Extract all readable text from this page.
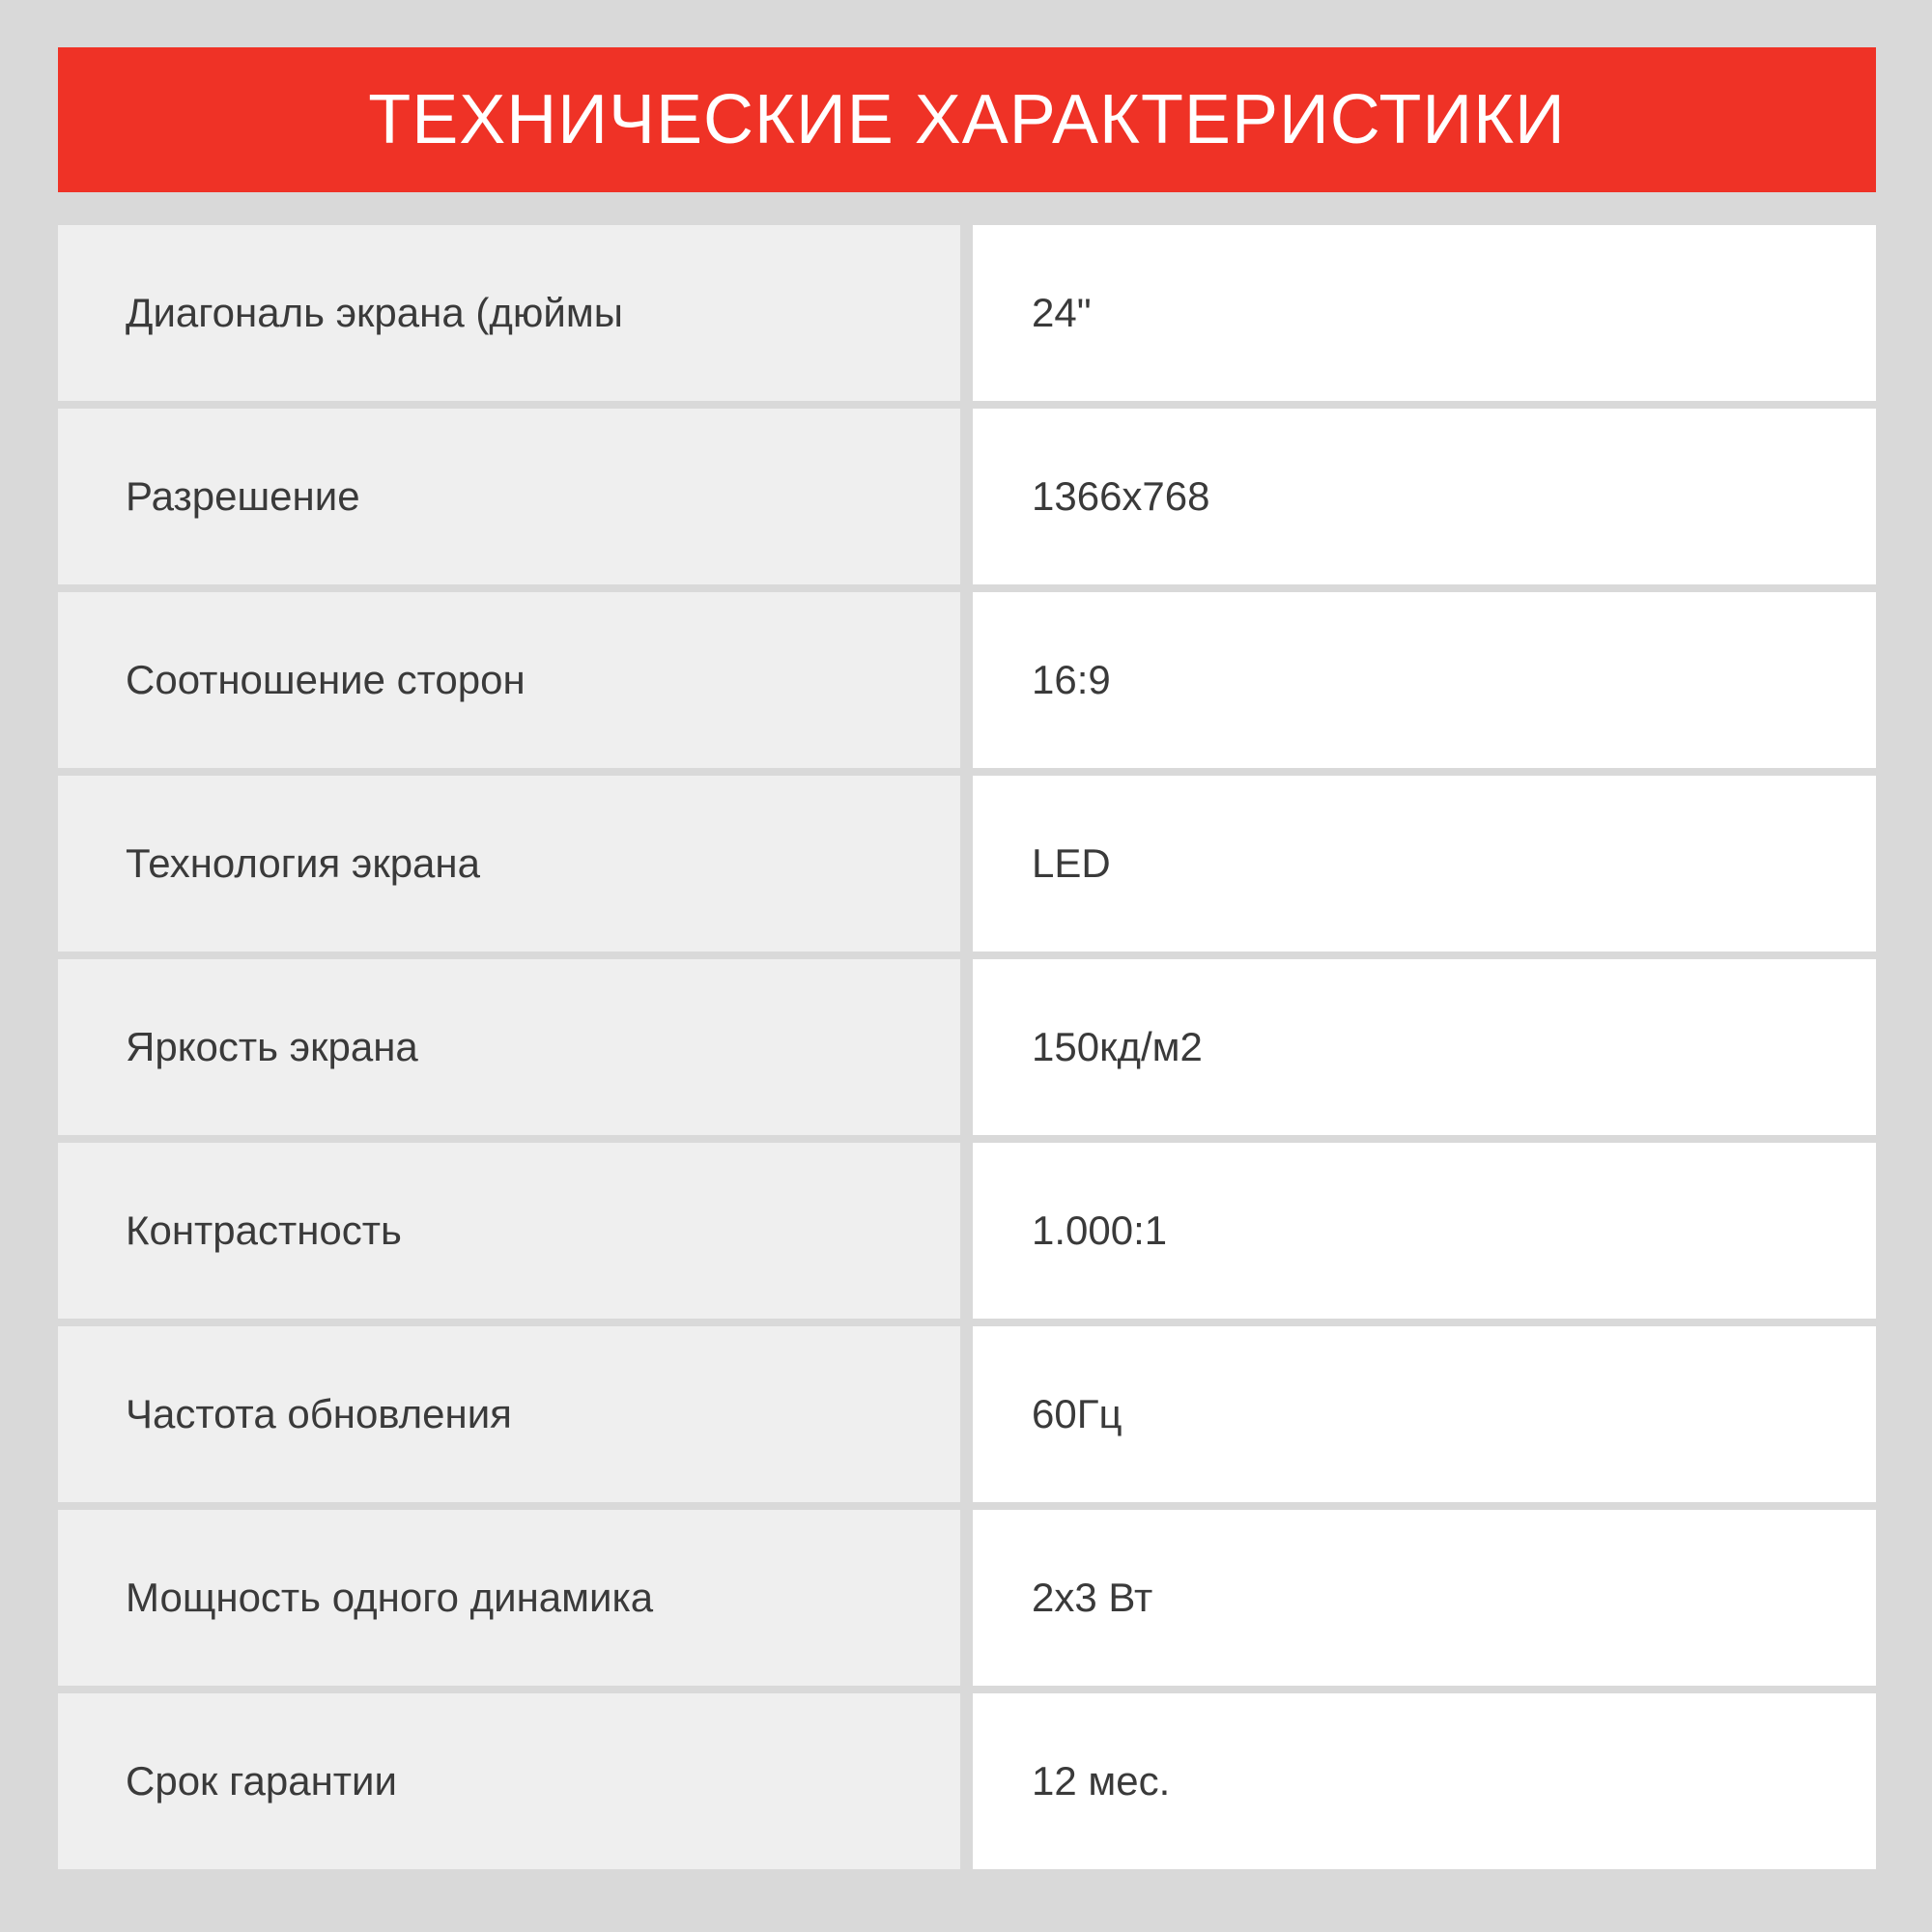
ТЕХНИЧЕСКИЕ ХАРАКТЕРИСТИКИ
Диагональ экрана (дюймы	24"
Разрешение	1366x768
Соотношение сторон	16:9
Технология экрана	LED
Яркость экрана	150кд/м2
Контрастность	1.000:1
Частота обновления	60Гц
Мощность одного динамика	2x3 Вт
Срок гарантии	12 мес.
